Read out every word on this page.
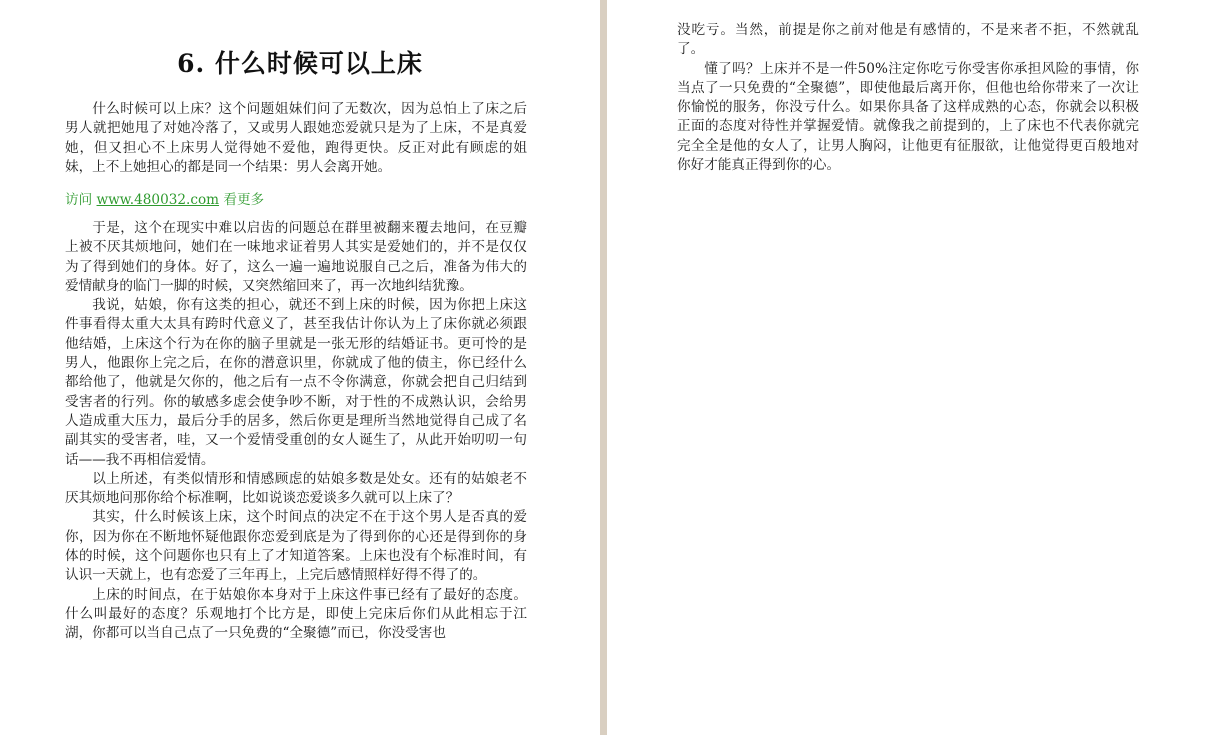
6. 什么时候可以上床

什么时候可以上床？这个问题姐妹们问了无数次，因为总怕上了床之后男人就把她甩了对她冷落了，又或男人跟她恋爱就只是为了上床，不是真爱她，但又担心不上床男人觉得她不爱他，跑得更快。反正对此有顾虑的姐妹，上不上她担心的都是同一个结果：男人会离开她。

访问 www.480032.com 看更多

于是，这个在现实中难以启齿的问题总在群里被翻来覆去地问，在豆瓣上被不厌其烦地问，她们在一味地求证着男人其实是爱她们的，并不是仅仅为了得到她们的身体。好了，这么一遍一遍地说服自己之后，准备为伟大的爱情献身的临门一脚的时候，又突然缩回来了，再一次地纠结犹豫。

我说，姑娘，你有这类的担心，就还不到上床的时候，因为你把上床这件事看得太重大太具有跨时代意义了，甚至我估计你认为上了床你就必须跟他结婚，上床这个行为在你的脑子里就是一张无形的结婚证书。更可怜的是男人，他跟你上完之后，在你的潜意识里，你就成了他的债主，你已经什么都给他了，他就是欠你的，他之后有一点不令你满意，你就会把自己归结到受害者的行列。你的敏感多虑会使争吵不断，对于性的不成熟认识，会给男人造成重大压力，最后分手的居多，然后你更是理所当然地觉得自己成了名副其实的受害者，哇，又一个爱情受重创的女人诞生了，从此开始叨叨一句话——我不再相信爱情。

以上所述，有类似情形和情感顾虑的姑娘多数是处女。还有的姑娘老不厌其烦地问那你给个标准啊，比如说谈恋爱谈多久就可以上床了？

其实，什么时候该上床，这个时间点的决定不在于这个男人是否真的爱你，因为你在不断地怀疑他跟你恋爱到底是为了得到你的心还是得到你的身体的时候，这个问题你也只有上了才知道答案。上床也没有个标准时间，有认识一天就上，也有恋爱了三年再上，上完后感情照样好得不得了的。

上床的时间点，在于姑娘你本身对于上床这件事已经有了最好的态度。什么叫最好的态度？乐观地打个比方是，即使上完床后你们从此相忘于江湖，你都可以当自己点了一只免费的“全聚德”而已，你没受害也

没吃亏。当然，前提是你之前对他是有感情的，不是来者不拒，不然就乱了。

懂了吗？上床并不是一件50%注定你吃亏你受害你承担风险的事情，你当点了一只免费的“全聚德”，即使他最后离开你，但他也给你带来了一次让你愉悦的服务，你没亏什么。如果你具备了这样成熟的心态，你就会以积极正面的态度对待性并掌握爱情。就像我之前提到的，上了床也不代表你就完完全全是他的女人了，让男人胸闷，让他更有征服欲，让他觉得更百般地对你好才能真正得到你的心。
